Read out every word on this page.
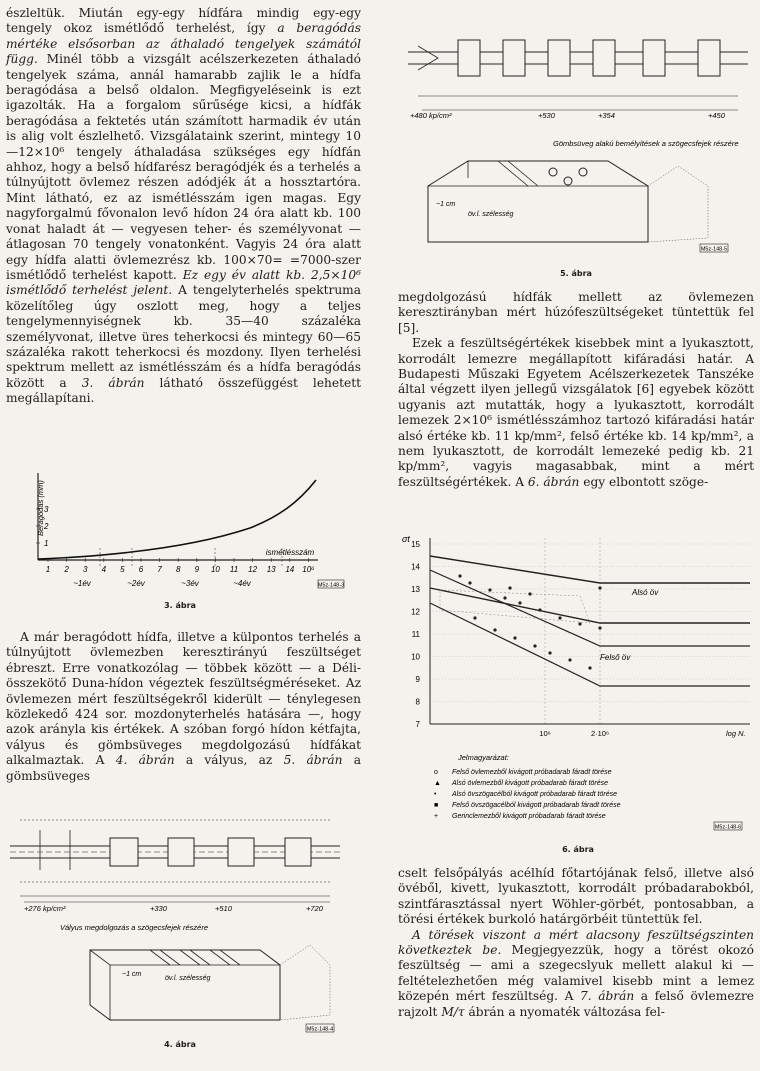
észleltük. Miután egy-egy hídfára mindig egy-egy tengely okoz ismétlődő terhelést, így a beragódás mértéke elsősorban az áthaladó tengelyek számától függ. Minél több a vizsgált acélszerkezeten áthaladó tengelyek száma, annál hamarabb zajlik le a hídfa beragódása a belső oldalon. Megfigyeléseink is ezt igazolták. Ha a forgalom sűrűsége kicsi, a hídfák beragódása a fektetés után számított harmadik év után is alig volt észlelhető. Vizsgálataink szerint, mintegy 10—12×10⁶ tengely áthaladása szükséges egy hídfán ahhoz, hogy a belső hídfarész beragódjék és a terhelés a túlnyújtott övlemez részen adódjék át a hossztartóra. Mint látható, ez az ismétlésszám igen magas. Egy nagyforgalmú fővonalon levő hídon 24 óra alatt kb. 100 vonat haladt át — vegyesen teher- és személyvonat — átlagosan 70 tengely vonatonként. Vagyis 24 óra alatt egy hídfa alatti övlemezrész kb. 100×70= =7000-szer ismétlődő terhelést kapott. Ez egy év alatt kb. 2,5×10⁶ ismétlődő terhelést jelent. A tengelyterhelés spektruma közelítőleg úgy oszlott meg, hogy a teljes tengelymennyiségnek kb. 35—40 százaléka személyvonat, illetve üres teherkocsi és mintegy 60—65 százaléka rakott teherkocsi és mozdony. Ilyen terhelési spektrum mellett az ismétlésszám és a hídfa beragódás között a 3. ábrán látható összefüggést lehetett megállapítani.

1
2
3
1 2 3 4 5 6 7 8 9 10 11 12 13 14 10⁶
Beragódás (mm)
ismétlésszám
~1év	~2év	~3év	~4év	M5z-148-3
3. ábra

A már beragódott hídfa, illetve a külpontos terhelés a túlnyújtott övlemezben keresztirányú feszültséget ébreszt. Erre vonatkozólag — többek között — a Déli-összekötő Duna-hídon végeztek feszültségméréseket. Az övlemezen mért feszültségekről kiderült — ténylegesen közlekedő 424 sor. mozdonyterhelés hatására —, hogy azok arányla kis értékek. A szóban forgó hídon kétfajta, vályus és gömbsüveges megdolgozású hídfákat alkalmaztak. A 4. ábrán a vályus, az 5. ábrán a gömbsüveges

+276 kp/cm²	+330	+510	+720
Vályus megdolgozás a szögecsfejek részére
öv.l. szélesség
~1 cm
M5z-148-4
4. ábra
+480 kp/cm²	+530	+354	+450
Gömbsüveg alakú bemélyítések a szögecsfejek részére
öv.l. szélesség
~1 cm
M5z-148-5
5. ábra

megdolgozású hídfák mellett az övlemezen keresztirányban mért húzófeszültségeket tüntettük fel [5].

Ezek a feszültségértékek kisebbek mint a lyukasztott, korrodált lemezre megállapított kifáradási határ. A Budapesti Műszaki Egyetem Acélszerkezetek Tanszéke által végzett ilyen jellegű vizsgálatok [6] egyebek között ugyanis azt mutatták, hogy a lyukasztott, korrodált lemezek 2×10⁶ ismétlésszámhoz tartozó kifáradási határ alsó értéke kb. 11 kp/mm², felső értéke kb. 14 kp/mm², a nem lyukasztott, de korrodált lemezeké pedig kb. 21 kp/mm², vagyis magasabbak, mint a mért feszültségértékek. A 6. ábrán egy elbontott szöge-

σt
log N.
7
8
9
10
11
12
13
14
15
10⁶	2·10⁶
Alsó öv
Felső öv
Jelmagyarázat:
o Felső övlemezből kivágott próbadarab fáradt törése
▲ Alsó övlemezből kivágott próbadarab fáradt törése
• Alsó övszögacélból kivágott próbadarab fáradt törése
■ Felső övszögacélból kivágott próbadarab fáradt törése
+ Gerinclemezből kivágott próbadarab fáradt törése
M5z-148-6
6. ábra

cselt felsőpályás acélhíd főtartójának felső, illetve alsó övéből, kivett, lyukasztott, korrodált próbadarabokból, szintfárasztással nyert Wöhler-görbét, pontosabban, a törési értékek burkoló határgörbéit tüntettük fel.

A törések viszont a mért alacsony feszültségszinten következtek be. Megjegyezzük, hogy a törést okozó feszültség — ami a szegecslyuk mellett alakul ki — feltételezhetően még valamivel kisebb mint a lemez közepén mért feszültség. A 7. ábrán a felső övlemezre rajzolt M/τ ábrán a nyomaték változása fel-
